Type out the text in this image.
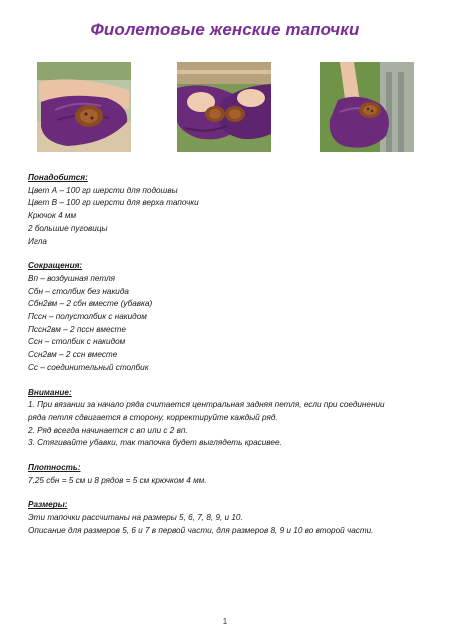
Фиолетовые женские тапочки
Понадобится:
Цвет А – 100 гр шерсти для подошвы
Цвет В – 100 гр шерсти для верха тапочки
Крючок 4 мм
2 большие пуговицы
Игла
Сокращения:
Вп – воздушная петля
Сбн – столбик без накида
Сбн2вм – 2 сбн вместе (убавка)
Пссн – полустолбик с накидом
Пссн2вм – 2 пссн вместе
Ссн – столбик с накидом
Ссн2вм – 2 ссн вместе
Сс – соединительный столбик
Внимание:
1. При вязании за начало ряда считается центральная задняя петля, если при соединении ряда петля сдвигается в сторону, корректируйте каждый ряд.
2. Ряд всегда начинается с вп или с 2 вп.
3. Стягивайте убавки, так тапочка будет выглядеть красивее.
Плотность:
7,25 сбн = 5 см и 8 рядов = 5 см крючком 4 мм.
Размеры:
Эти тапочки рассчитаны на размеры 5, 6, 7, 8, 9, и 10.
Описание для размеров 5, 6 и 7 в первой части, для размеров 8, 9 и 10 во второй части.
1
